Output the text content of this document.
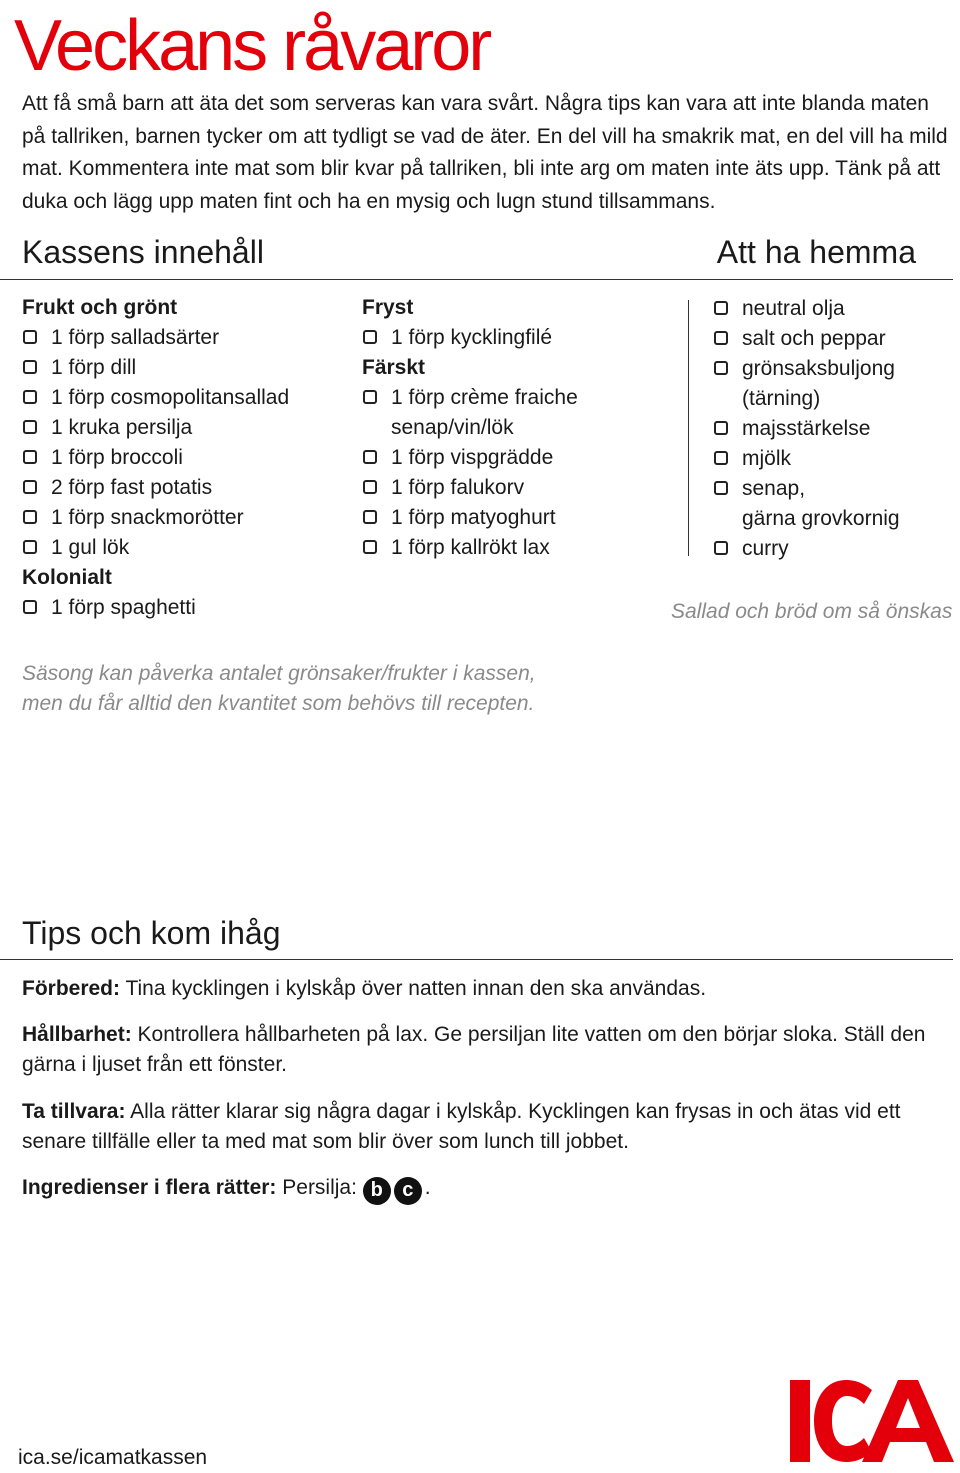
Veckans råvaror
Att få små barn att äta det som serveras kan vara svårt. Några tips kan vara att inte blanda maten på tallriken, barnen tycker om att tydligt se vad de äter. En del vill ha smakrik mat, en del vill ha mild mat. Kommentera inte mat som blir kvar på tallriken, bli inte arg om maten inte äts upp. Tänk på att duka och lägg upp maten fint och ha en mysig och lugn stund tillsammans.
Kassens innehåll	Att ha hemma
Frukt och grönt
1 förp salladsärter
1 förp dill
1 förp cosmopolitansallad
1 kruka persilja
1 förp broccoli
2 förp fast potatis
1 förp snackmorötter
1 gul lök
Kolonialt
1 förp spaghetti
Fryst
1 förp kycklingfilé
Färskt
1 förp crème fraiche
senap/vin/lök
1 förp vispgrädde
1 förp falukorv
1 förp matyoghurt
1 förp kallrökt lax
neutral olja
salt och peppar
grönsaksbuljong
(tärning)
majsstärkelse
mjölk
senap,
gärna grovkornig
curry
Sallad och bröd om så önskas
Säsong kan påverka antalet grönsaker/frukter i kassen,
men du får alltid den kvantitet som behövs till recepten.
Tips och kom ihåg
Förbered: Tina kycklingen i kylskåp över natten innan den ska användas.
Hållbarhet: Kontrollera hållbarheten på lax. Ge persiljan lite vatten om den börjar sloka. Ställ den gärna i ljuset från ett fönster.
Ta tillvara: Alla rätter klarar sig några dagar i kylskåp. Kycklingen kan frysas in och ätas vid ett senare tillfälle eller ta med mat som blir över som lunch till jobbet.
Ingredienser i flera rätter: Persilja: b c .
ica.se/icamatkassen
